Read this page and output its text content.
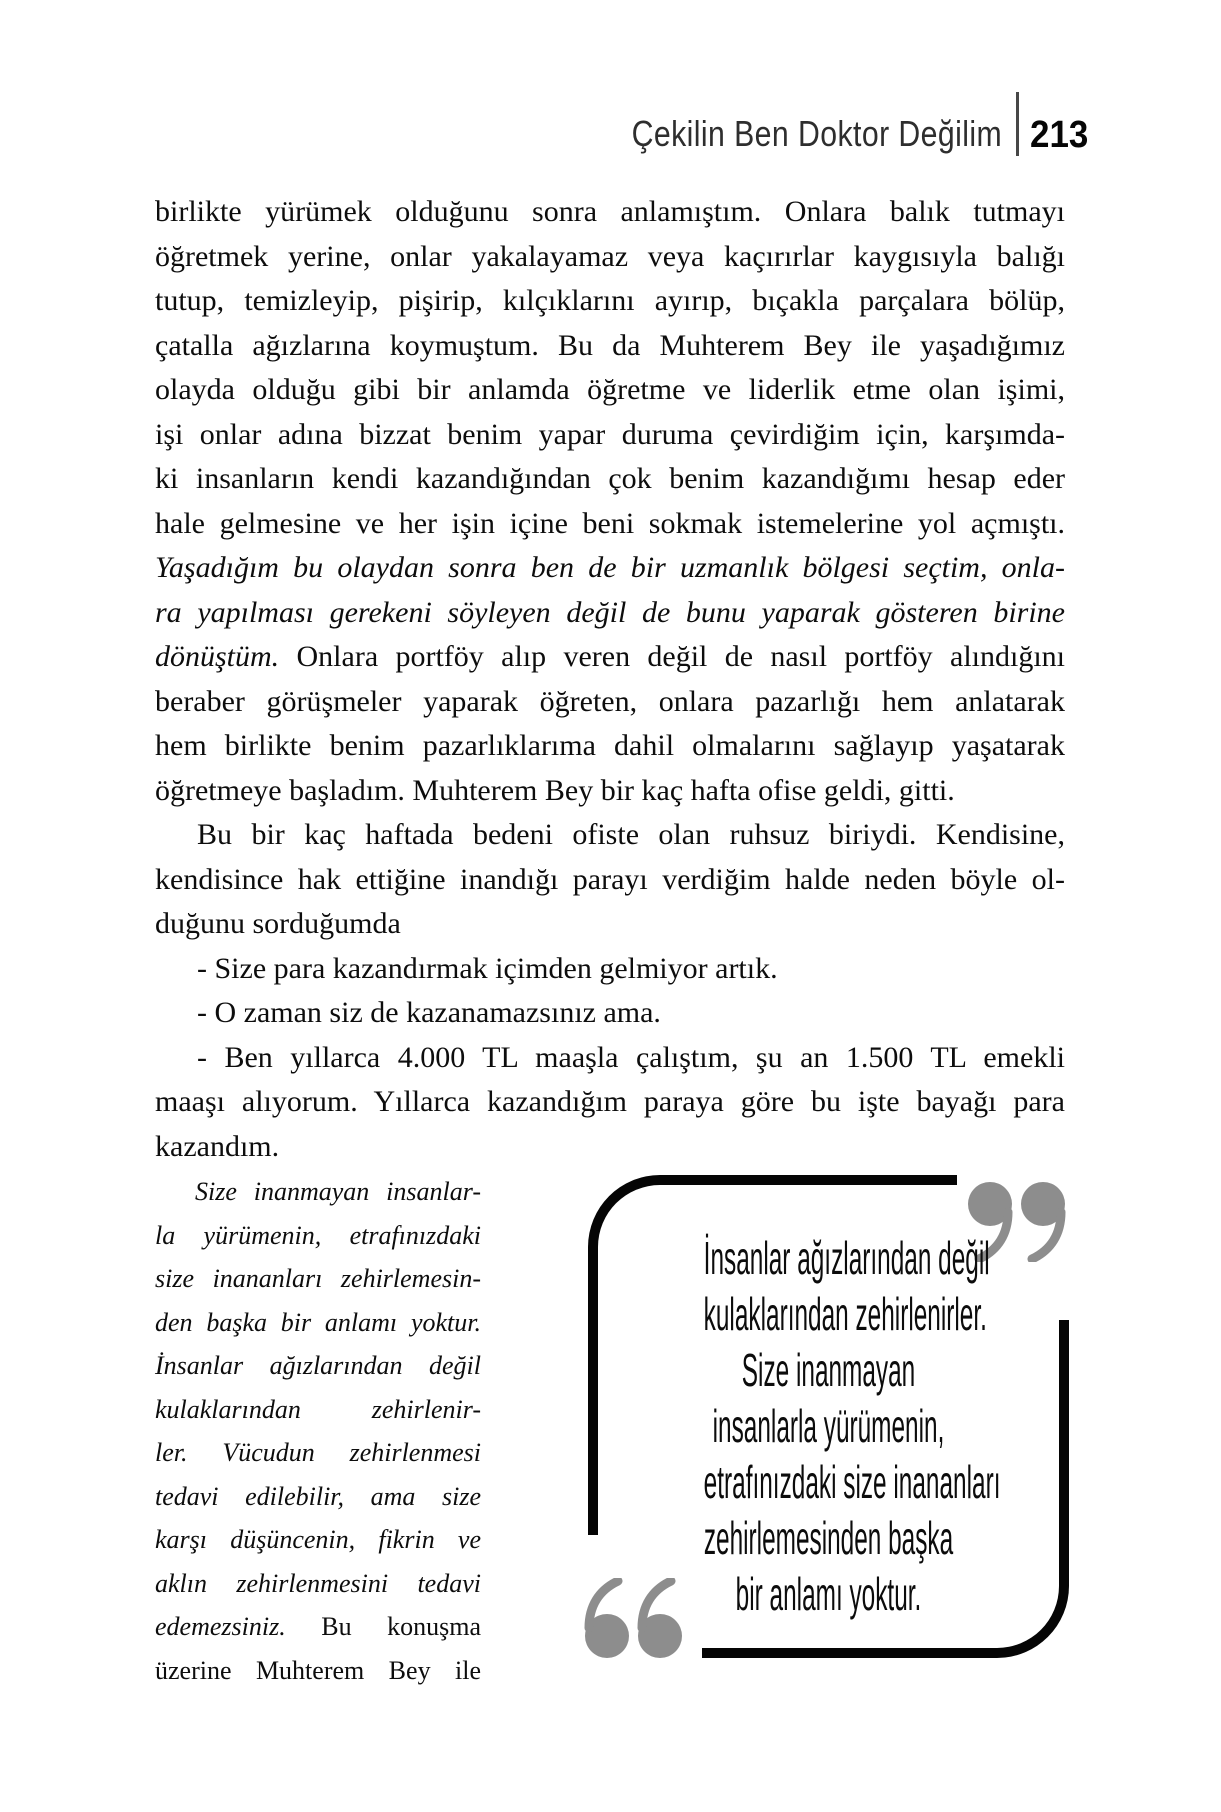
Çekilin Ben Doktor Değilim 213
birlikte yürümek olduğunu sonra anlamıştım. Onlara balık tutmayı
öğretmek yerine, onlar yakalayamaz veya kaçırırlar kaygısıyla balığı
tutup, temizleyip, pişirip, kılçıklarını ayırıp, bıçakla parçalara bölüp,
çatalla ağızlarına koymuştum. Bu da Muhterem Bey ile yaşadığımız
olayda olduğu gibi bir anlamda öğretme ve liderlik etme olan işimi,
işi onlar adına bizzat benim yapar duruma çevirdiğim için, karşımda-
ki insanların kendi kazandığından çok benim kazandığımı hesap eder
hale gelmesine ve her işin içine beni sokmak istemelerine yol açmıştı.
Yaşadığım bu olaydan sonra ben de bir uzmanlık bölgesi seçtim, onla-
ra yapılması gerekeni söyleyen değil de bunu yaparak gösteren birine
dönüştüm. Onlara portföy alıp veren değil de nasıl portföy alındığını
beraber görüşmeler yaparak öğreten, onlara pazarlığı hem anlatarak
hem birlikte benim pazarlıklarıma dahil olmalarını sağlayıp yaşatarak
öğretmeye başladım. Muhterem Bey bir kaç hafta ofise geldi, gitti.
Bu bir kaç haftada bedeni ofiste olan ruhsuz biriydi. Kendisine,
kendisince hak ettiğine inandığı parayı verdiğim halde neden böyle ol-
duğunu sorduğumda
- Size para kazandırmak içimden gelmiyor artık.
- O zaman siz de kazanamazsınız ama.
- Ben yıllarca 4.000 TL maaşla çalıştım, şu an 1.500 TL emekli
maaşı alıyorum. Yıllarca kazandığım paraya göre bu işte bayağı para
kazandım.
Size inanmayan insanlar-
la yürümenin, etrafınızdaki
size inananları zehirlemesin-
den başka bir anlamı yoktur.
İnsanlar ağızlarından değil
kulaklarından zehirlenir-
ler. Vücudun zehirlenmesi
tedavi edilebilir, ama size
karşı düşüncenin, fikrin ve
aklın zehirlenmesini tedavi
edemezsiniz. Bu konuşma
üzerine Muhterem Bey ile
İnsanlar ağızlarından değil
kulaklarından zehirlenirler.
Size inanmayan
insanlarla yürümenin,
etrafınızdaki size inananları
zehirlemesinden başka
bir anlamı yoktur.
